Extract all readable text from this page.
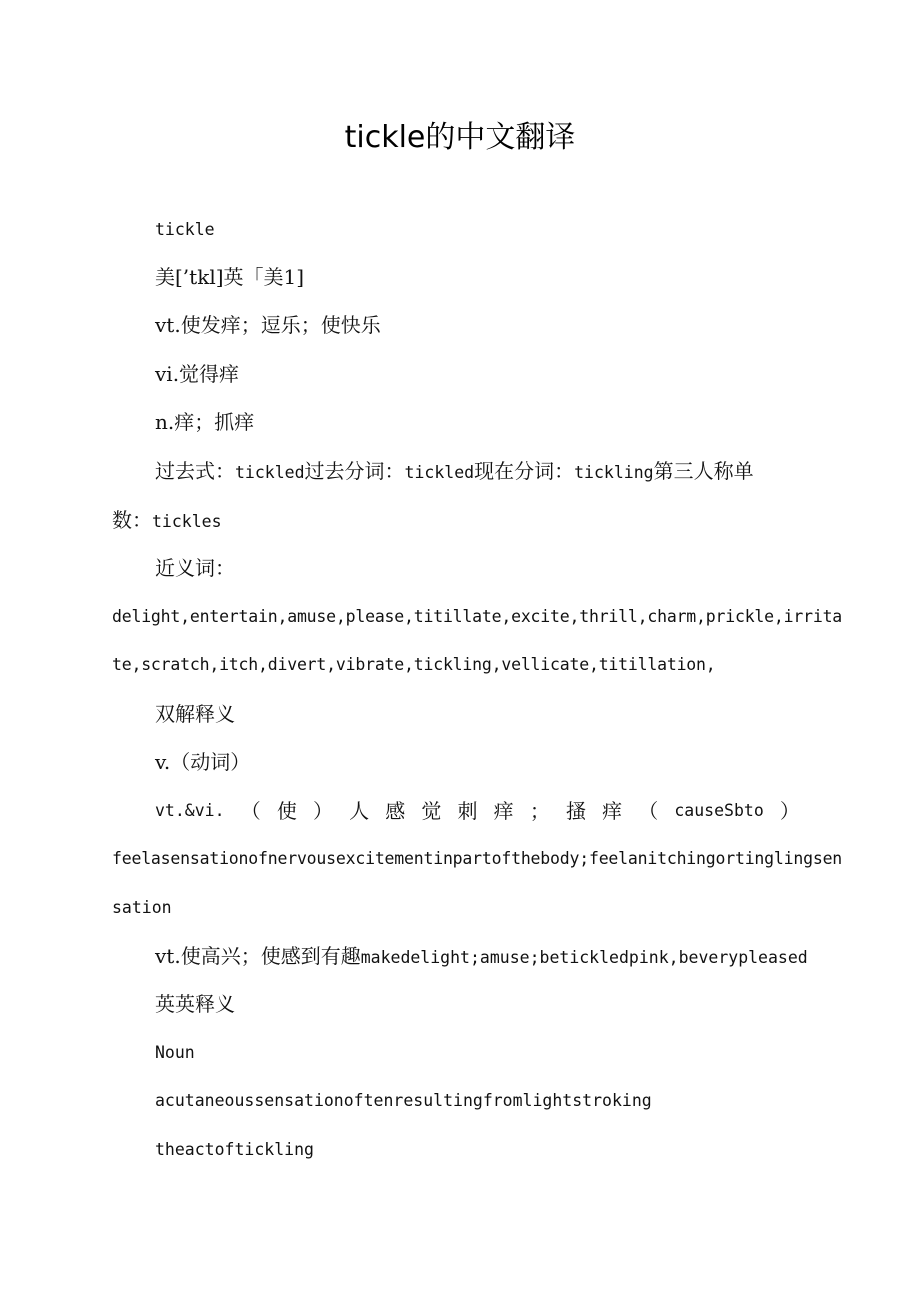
tickle的中文翻译
tickle
美[’tkl]英「美1]
vt.使发痒；逗乐；使快乐
vi.觉得痒
n.痒；抓痒
过去式：tickled过去分词：tickled现在分词：tickling第三人称单
数：tickles
近义词：
delight,entertain,amuse,please,titillate,excite,thrill,charm,prickle,irrita
te,scratch,itch,divert,vibrate,tickling,vellicate,titillation,
双解释义
v.（动词）
vt.&vi. （ 使 ） 人 感 觉 刺 痒 ； 搔 痒 （ causeSbto ）
feelasensationofnervousexcitementinpartofthebody;feelanitchingortinglingsen
sation
vt.使高兴；使感到有趣makedelight;amuse;betickledpink,beverypleased
英英释义
Noun
acutaneoussensationoftenresultingfromlightstroking
theactoftickling
